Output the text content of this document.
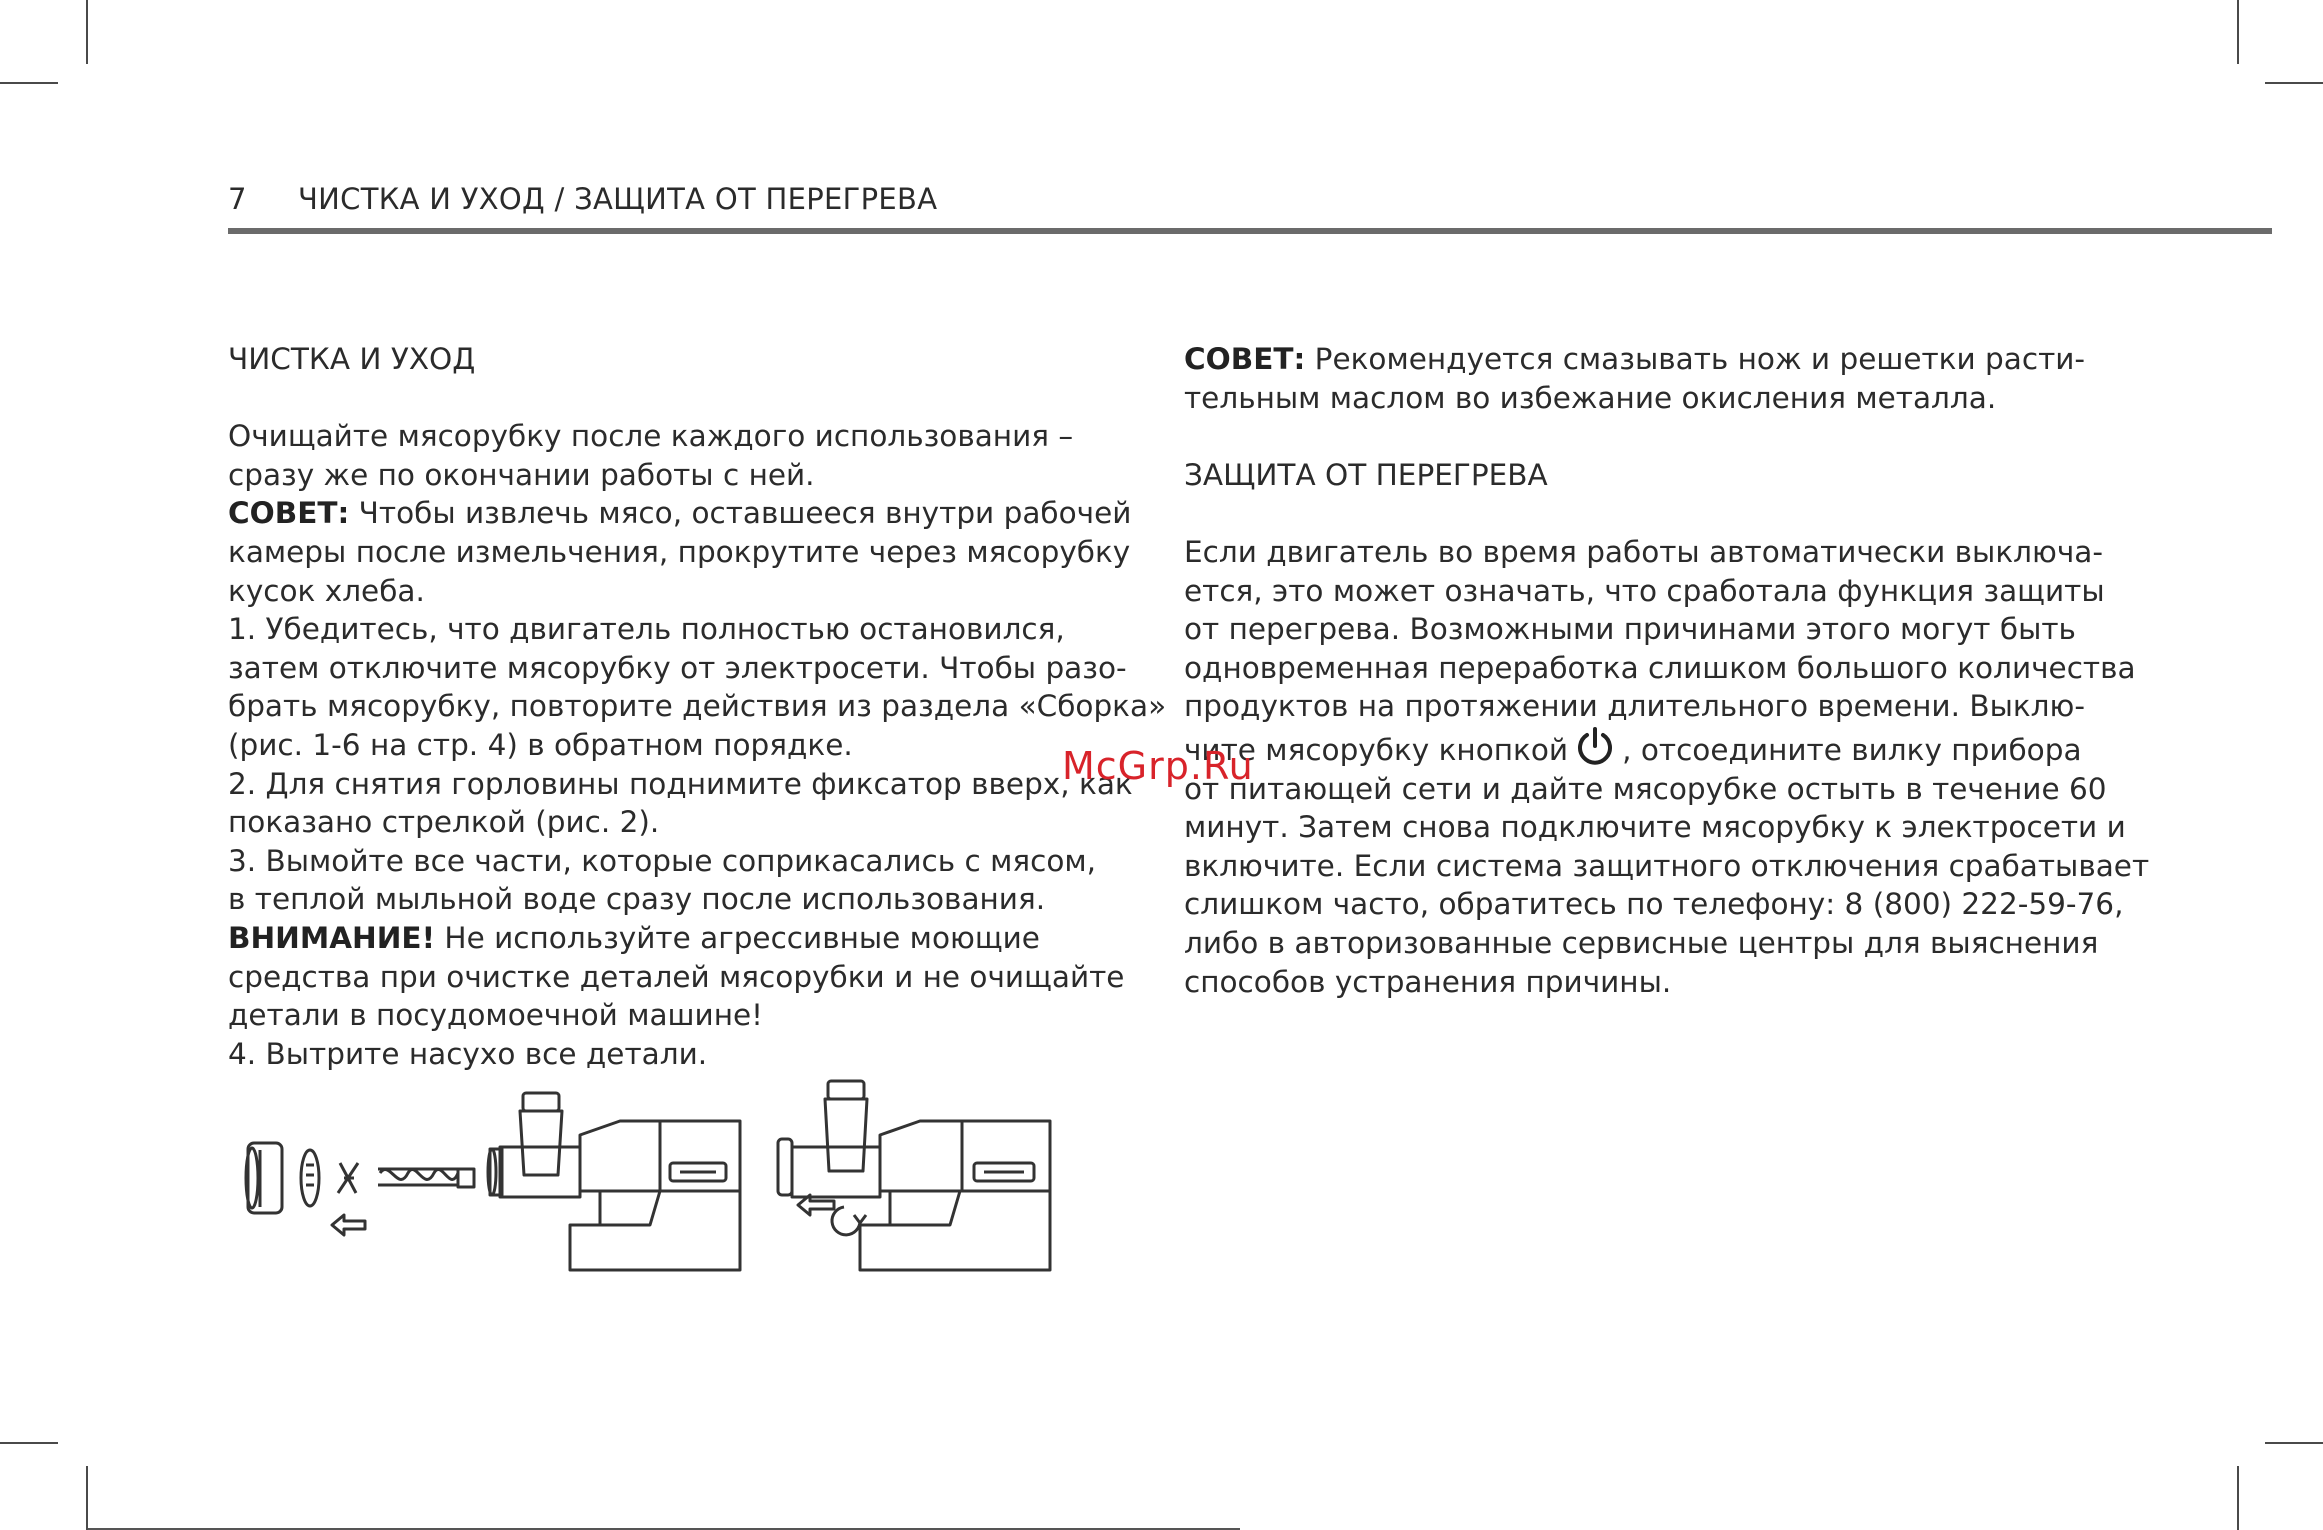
7 ЧИСТКА И УХОД / ЗАЩИТА ОТ ПЕРЕГРЕВА

ЧИСТКА И УХОД

Очищайте мясорубку после каждого использования –

сразу же по окончании работы с ней.

СОВЕТ: Чтобы извлечь мясо, оставшееся внутри рабочей

камеры после измельчения, прокрутите через мясорубку

кусок хлеба.

1. Убедитесь, что двигатель полностью остановился,

затем отключите мясорубку от электросети. Чтобы разо-

брать мясорубку, повторите действия из раздела «Сборка»

(рис. 1-6 на стр. 4) в обратном порядке.

2. Для снятия горловины поднимите фиксатор вверх, как

показано стрелкой (рис. 2).

3. Вымойте все части, которые соприкасались с мясом,

в теплой мыльной воде сразу после использования.

ВНИМАНИЕ! Не используйте агрессивные моющие

средства при очистке деталей мясорубки и не очищайте

детали в посудомоечной машине!

4. Вытрите насухо все детали.

СОВЕТ: Рекомендуется смазывать нож и решетки расти-

тельным маслом во избежание окисления металла.

ЗАЩИТА ОТ ПЕРЕГРЕВА

Если двигатель во время работы автоматически выключа-

ется, это может означать, что сработала функция защиты

от перегрева. Возможными причинами этого могут быть

одновременная переработка слишком большого количества

продуктов на протяжении длительного времени. Выклю-

чите мясорубку кнопкой , отсоедините вилку прибора

от питающей сети и дайте мясорубке остыть в течение 60

минут. Затем снова подключите мясорубку к электросети и

включите. Если система защитного отключения срабатывает

слишком часто, обратитесь по телефону: 8 (800) 222-59-76,

либо в авторизованные сервисные центры для выяснения

способов устранения причины.

McGrp.Ru
